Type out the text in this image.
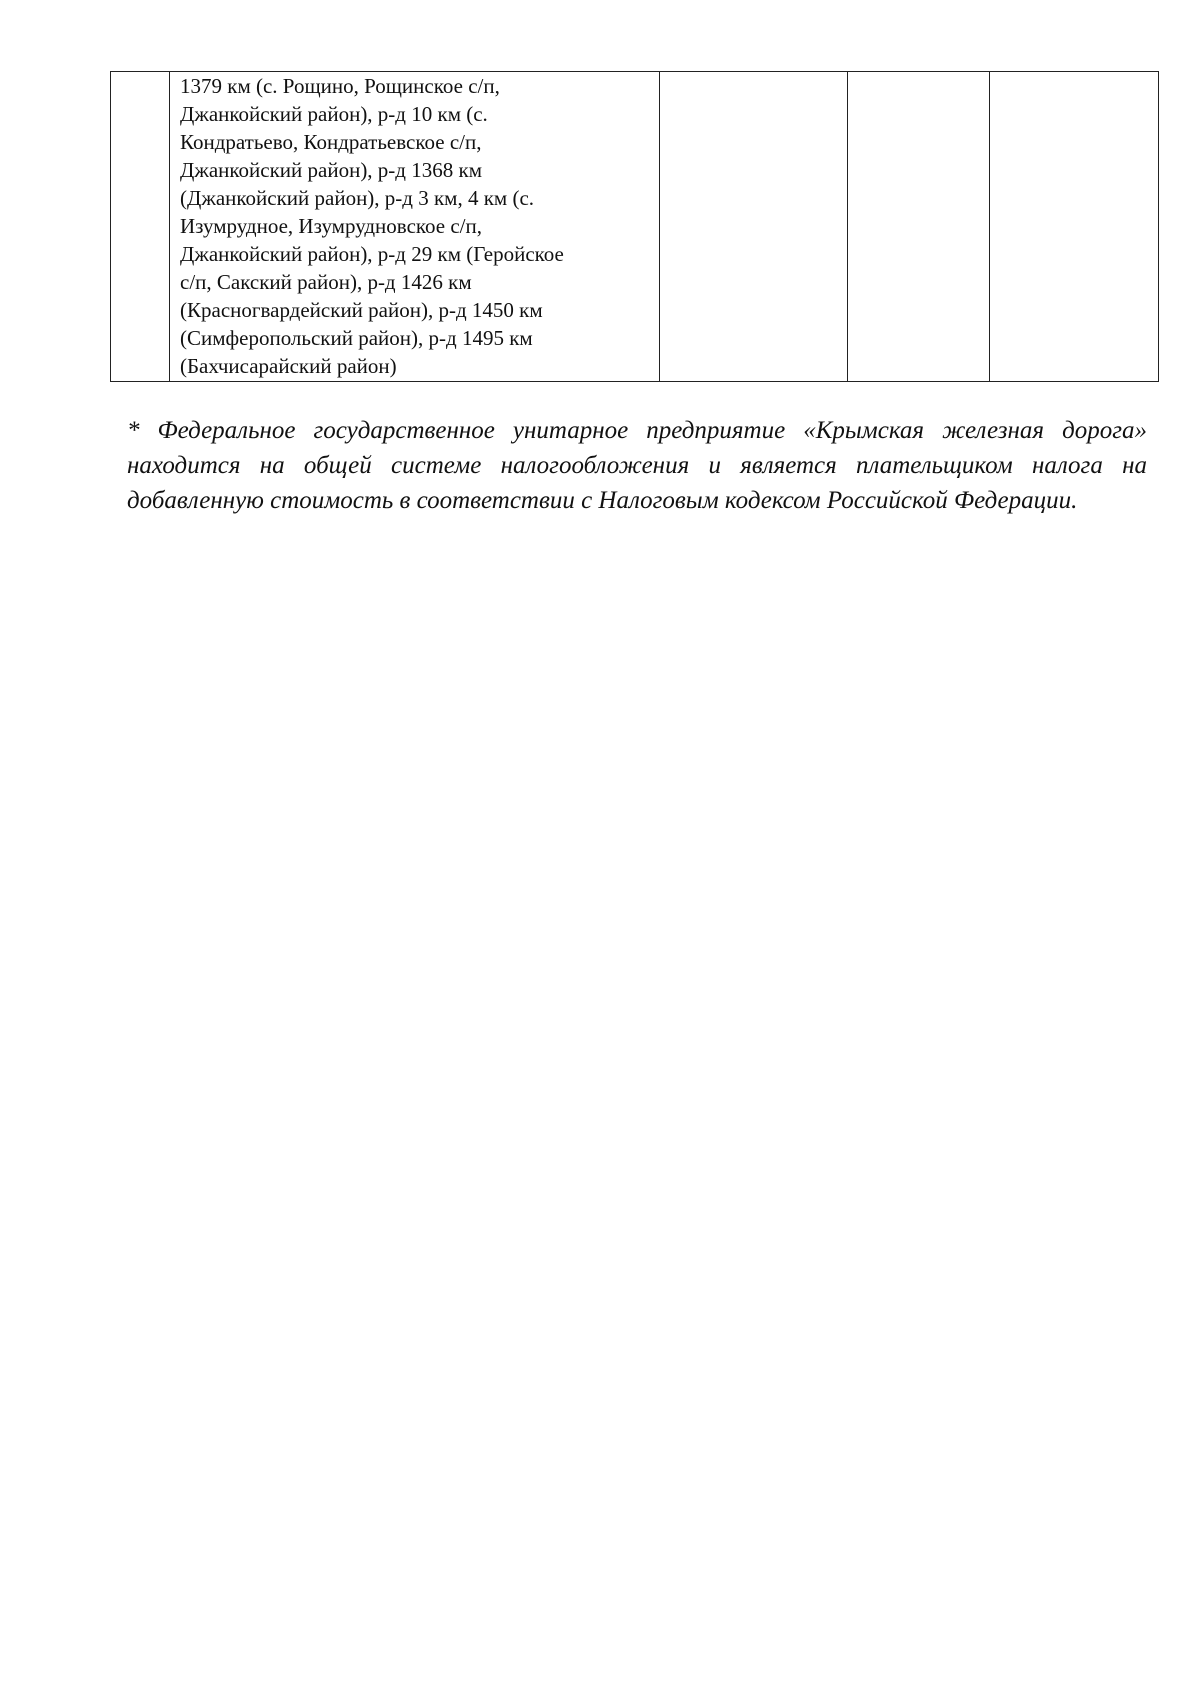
1379 км (с. Рощино, Рощинское с/п,
Джанкойский район), р-д 10 км (с.
Кондратьево, Кондратьевское с/п,
Джанкойский район), р-д 1368 км
(Джанкойский район), р-д 3 км, 4 км (с.
Изумрудное, Изумрудновское с/п,
Джанкойский район), р-д 29 км (Геройское
с/п, Сакский район), р-д 1426 км
(Красногвардейский район), р-д 1450 км
(Симферопольский район), р-д 1495 км
(Бахчисарайский район)

* Федеральное государственное унитарное предприятие «Крымская железная дорога» находится на общей системе налогообложения и является плательщиком налога на добавленную стоимость в соответствии с Налоговым кодексом Российской Федерации.
